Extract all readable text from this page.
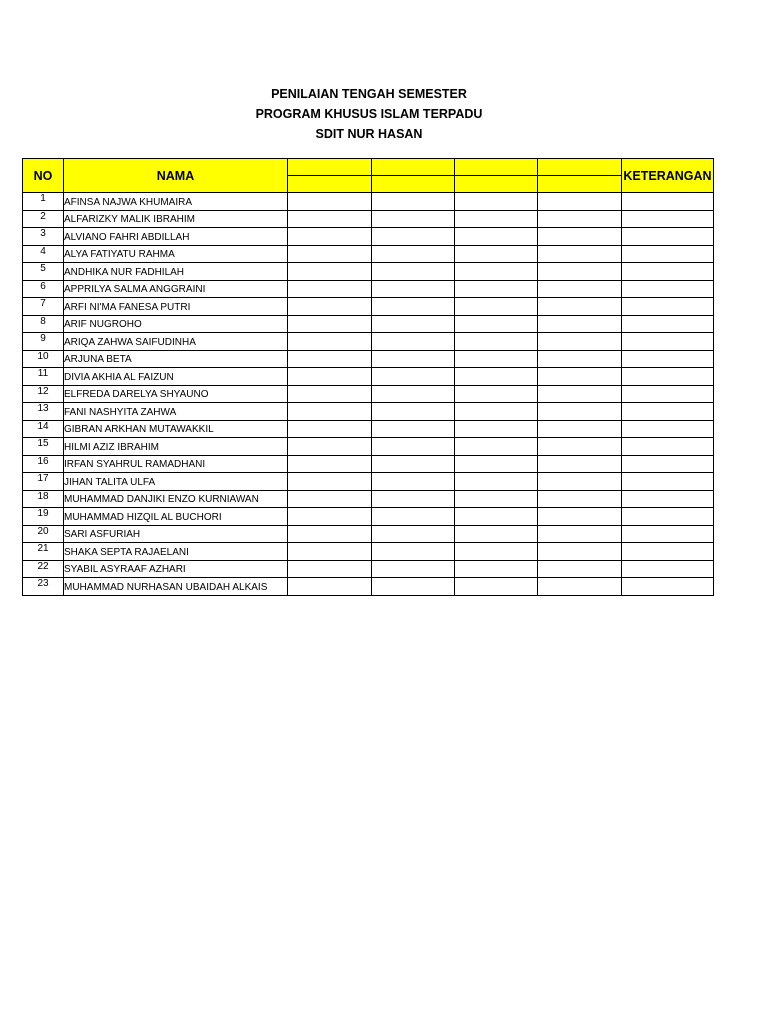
PENILAIAN TENGAH SEMESTER
PROGRAM KHUSUS ISLAM TERPADU
SDIT NUR HASAN
NO	NAMA					KETERANGAN

1	AFINSA NAJWA KHUMAIRA					
2	ALFARIZKY MALIK IBRAHIM					
3	ALVIANO FAHRI ABDILLAH					
4	ALYA FATIYATU RAHMA					
5	ANDHIKA NUR FADHILAH					
6	APPRILYA SALMA ANGGRAINI					
7	ARFI NI'MA FANESA PUTRI					
8	ARIF NUGROHO					
9	ARIQA ZAHWA SAIFUDINHA					
10	ARJUNA BETA					
11	DIVIA AKHIA AL FAIZUN					
12	ELFREDA DARELYA SHYAUNO					
13	FANI NASHYITA ZAHWA					
14	GIBRAN ARKHAN MUTAWAKKIL					
15	HILMI AZIZ IBRAHIM					
16	IRFAN SYAHRUL RAMADHANI					
17	JIHAN TALITA ULFA					
18	MUHAMMAD DANJIKI ENZO KURNIAWAN					
19	MUHAMMAD HIZQIL AL BUCHORI					
20	SARI ASFURIAH					
21	SHAKA SEPTA RAJAELANI					
22	SYABIL ASYRAAF AZHARI					
23	MUHAMMAD NURHASAN UBAIDAH ALKAIS					
